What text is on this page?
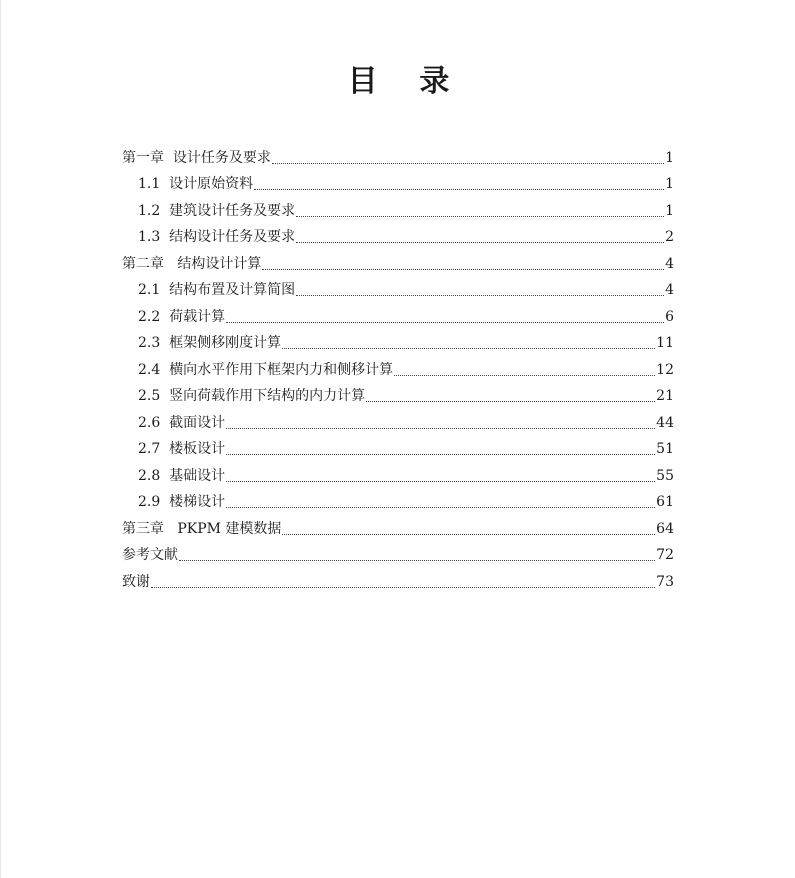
目    录
第一章  设计任务及要求	1
1.1  设计原始资料	1
1.2  建筑设计任务及要求	1
1.3  结构设计任务及要求	2
第二章   结构设计计算	4
2.1  结构布置及计算简图	4
2.2  荷载计算	6
2.3  框架侧移刚度计算	11
2.4  横向水平作用下框架内力和侧移计算	12
2.5  竖向荷载作用下结构的内力计算	21
2.6  截面设计	44
2.7  楼板设计	51
2.8  基础设计	55
2.9  楼梯设计	61
第三章   PKPM 建模数据	64
参考文献	72
致谢	73
